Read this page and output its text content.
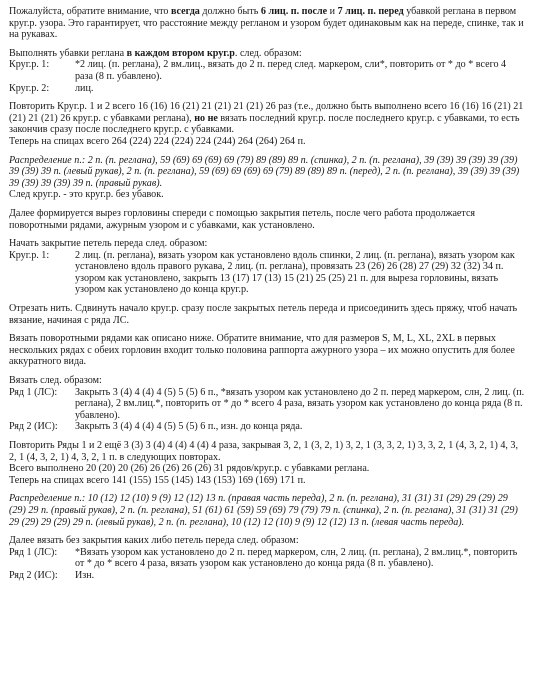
Пожалуйста, обратите внимание, что всегда должно быть 6 лиц. п. после и 7 лиц. п. перед убавкой реглана в первом круг.р. узора. Это гарантирует, что расстояние между регланом и узором будет одинаковым как на переде, спинке, так и на рукавах.

Выполнять убавки реглана в каждом втором круг.р. след. образом:
Круг.р. 1:	*2 лиц. (п. реглана), 2 вм.лиц., вязать до 2 п. перед след. маркером, сли*, повторить от * до * всего 4 раза (8 п. убавлено).
Круг.р. 2:	лиц.

Повторить Круг.р. 1 и 2 всего 16 (16) 16 (21) 21 (21) 21 (21) 26 раз (т.е., должно быть выполнено всего 16 (16) 16 (21) 21 (21) 21 (21) 26 круг.р. с убавками реглана), но не вязать последний круг.р. после последнего круг.р. с убавками, то есть закончив сразу после последнего круг.р. с убавками.
Теперь на спицах всего 264 (224) 224 (224) 224 (244) 264 (264) 264 п.

Распределение п.: 2 п. (п. реглана), 59 (69) 69 (69) 69 (79) 89 (89) 89 п. (спинка), 2 п. (п. реглана), 39 (39) 39 (39) 39 (39) 39 (39) 39 п. (левый рукав), 2 п. (п. реглана), 59 (69) 69 (69) 69 (79) 89 (89) 89 п. (перед), 2 п. (п. реглана), 39 (39) 39 (39) 39 (39) 39 (39) 39 п. (правый рукав).
След круг.р. - это круг.р. без убавок.

Далее формируется вырез горловины спереди с помощью закрытия петель, после чего работа продолжается поворотными рядами, ажурным узором и с убавками, как установлено.

Начать закрытие петель переда след. образом:
Круг.р. 1:	2 лиц. (п. реглана), вязать узором как установлено вдоль спинки, 2 лиц. (п. реглана), вязать узором как установлено вдоль правого рукава, 2 лиц. (п. реглана), провязать 23 (26) 26 (28) 27 (29) 32 (32) 34 п. узором как установлено, закрыть 13 (17) 17 (13) 15 (21) 25 (25) 21 п. для выреза горловины, вязать узором как установлено до конца круг.р.

Отрезать нить. Сдвинуть начало круг.р. сразу после закрытых петель переда и присоединить здесь пряжу, чтоб начать вязание, начиная с ряда ЛС.

Вязать поворотными рядами как описано ниже. Обратите внимание, что для размеров S, M, L, XL, 2XL в первых нескольких рядах с обеих горловин входит только половина раппорта ажурного узора – их можно опустить для более аккуратного вида.

Вязать след. образом:
Ряд 1 (ЛС):	Закрыть 3 (4) 4 (4) 4 (5) 5 (5) 6 п., *вязать узором как установлено до 2 п. перед маркером, слн, 2 лиц. (п. реглана), 2 вм.лиц.*, повторить от * до * всего 4 раза, вязать узором как установлено до конца ряда (8 п. убавлено).
Ряд 2 (ИС):	Закрыть 3 (4) 4 (4) 4 (5) 5 (5) 6 п., изн. до конца ряда.

Повторить Ряды 1 и 2 ещё 3 (3) 3 (4) 4 (4) 4 (4) 4 раза, закрывая 3, 2, 1 (3, 2, 1) 3, 2, 1 (3, 3, 2, 1) 3, 3, 2, 1 (4, 3, 2, 1) 4, 3, 2, 1 (4, 3, 2, 1) 4, 3, 2, 1 п. в следующих повторах.
Всего выполнено 20 (20) 20 (26) 26 (26) 26 (26) 31 рядов/круг.р. с убавками реглана.
Теперь на спицах всего 141 (155) 155 (145) 143 (153) 169 (169) 171 п.

Распределение п.: 10 (12) 12 (10) 9 (9) 12 (12) 13 п. (правая часть переда), 2 п. (п. реглана), 31 (31) 31 (29) 29 (29) 29 (29) 29 п. (правый рукав), 2 п. (п. реглана), 51 (61) 61 (59) 59 (69) 79 (79) 79 п. (спинка), 2 п. (п. реглана), 31 (31) 31 (29) 29 (29) 29 (29) 29 п. (левый рукав), 2 п. (п. реглана), 10 (12) 12 (10) 9 (9) 12 (12) 13 п. (левая часть переда).

Далее вязать без закрытия каких либо петель переда след. образом:
Ряд 1 (ЛС):	*Вязать узором как установлено до 2 п. перед маркером, слн, 2 лиц. (п. реглана), 2 вм.лиц.*, повторить от * до * всего 4 раза, вязать узором как установлено до конца ряда (8 п. убавлено).
Ряд 2 (ИС):	Изн.
